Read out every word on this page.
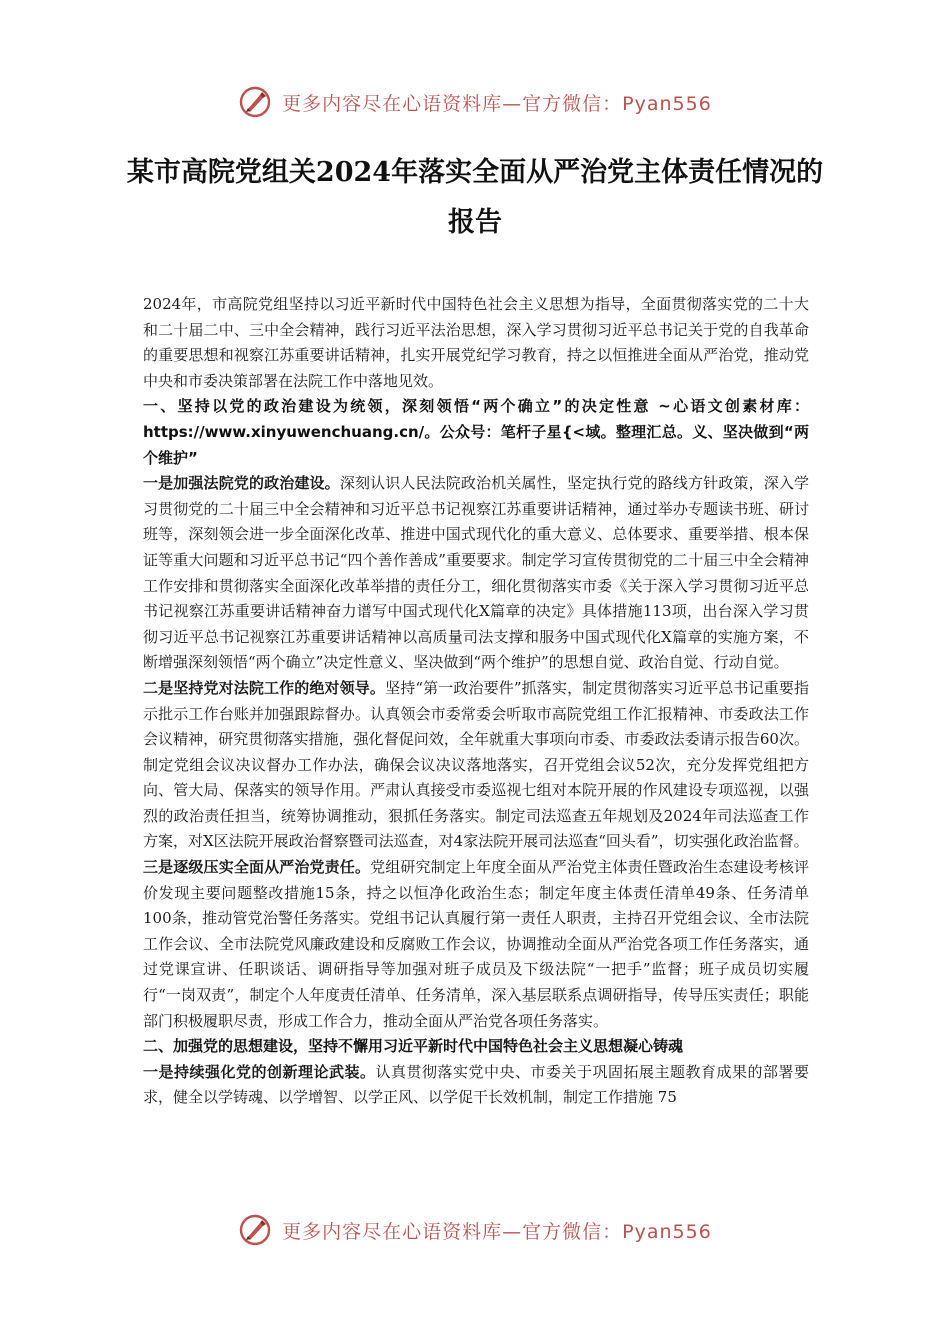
更多内容尽在心语资料库—官方微信：Pyan556
某市高院党组关2024年落实全面从严治党主体责任情况的报告

2024年，市高院党组坚持以习近平新时代中国特色社会主义思想为指导，全面贯彻落实党的二十大和二十届二中、三中全会精神，践行习近平法治思想，深入学习贯彻习近平总书记关于党的自我革命的重要思想和视察江苏重要讲话精神，扎实开展党纪学习教育，持之以恒推进全面从严治党，推动党中央和市委决策部署在法院工作中落地见效。

一、坚持以党的政治建设为统领，深刻领悟“两个确立”的决定性意 ~心语文创素材库：https://www.xinyuwenchuang.cn/。公众号：笔杆子星{<域。整理汇总。义、坚决做到“两个维护”

一是加强法院党的政治建设。深刻认识人民法院政治机关属性，坚定执行党的路线方针政策，深入学习贯彻党的二十届三中全会精神和习近平总书记视察江苏重要讲话精神，通过举办专题读书班、研讨班等，深刻领会进一步全面深化改革、推进中国式现代化的重大意义、总体要求、重要举措、根本保证等重大问题和习近平总书记“四个善作善成”重要要求。制定学习宣传贯彻党的二十届三中全会精神工作安排和贯彻落实全面深化改革举措的责任分工，细化贯彻落实市委《关于深入学习贯彻习近平总书记视察江苏重要讲话精神奋力谱写中国式现代化X篇章的决定》具体措施113项，出台深入学习贯彻习近平总书记视察江苏重要讲话精神以高质量司法支撑和服务中国式现代化X篇章的实施方案，不断增强深刻领悟“两个确立”决定性意义、坚决做到“两个维护”的思想自觉、政治自觉、行动自觉。

二是坚持党对法院工作的绝对领导。坚持“第一政治要件”抓落实，制定贯彻落实习近平总书记重要指示批示工作台账并加强跟踪督办。认真领会市委常委会听取市高院党组工作汇报精神、市委政法工作会议精神，研究贯彻落实措施，强化督促问效，全年就重大事项向市委、市委政法委请示报告60次。制定党组会议决议督办工作办法，确保会议决议落地落实，召开党组会议52次，充分发挥党组把方向、管大局、保落实的领导作用。严肃认真接受市委巡视七组对本院开展的作风建设专项巡视，以强烈的政治责任担当，统筹协调推动，狠抓任务落实。制定司法巡查五年规划及2024年司法巡查工作方案，对X区法院开展政治督察暨司法巡查，对4家法院开展司法巡查“回头看”，切实强化政治监督。

三是逐级压实全面从严治党责任。党组研究制定上年度全面从严治党主体责任暨政治生态建设考核评价发现主要问题整改措施15条，持之以恒净化政治生态；制定年度主体责任清单49条、任务清单100条，推动管党治警任务落实。党组书记认真履行第一责任人职责，主持召开党组会议、全市法院工作会议、全市法院党风廉政建设和反腐败工作会议，协调推动全面从严治党各项工作任务落实，通过党课宣讲、任职谈话、调研指导等加强对班子成员及下级法院“一把手”监督；班子成员切实履行“一岗双责”，制定个人年度责任清单、任务清单，深入基层联系点调研指导，传导压实责任；职能部门积极履职尽责，形成工作合力，推动全面从严治党各项任务落实。

二、加强党的思想建设，坚持不懈用习近平新时代中国特色社会主义思想凝心铸魂

一是持续强化党的创新理论武装。认真贯彻落实党中央、市委关于巩固拓展主题教育成果的部署要求，健全以学铸魂、以学增智、以学正风、以学促干长效机制，制定工作措施 75

更多内容尽在心语资料库—官方微信：Pyan556
